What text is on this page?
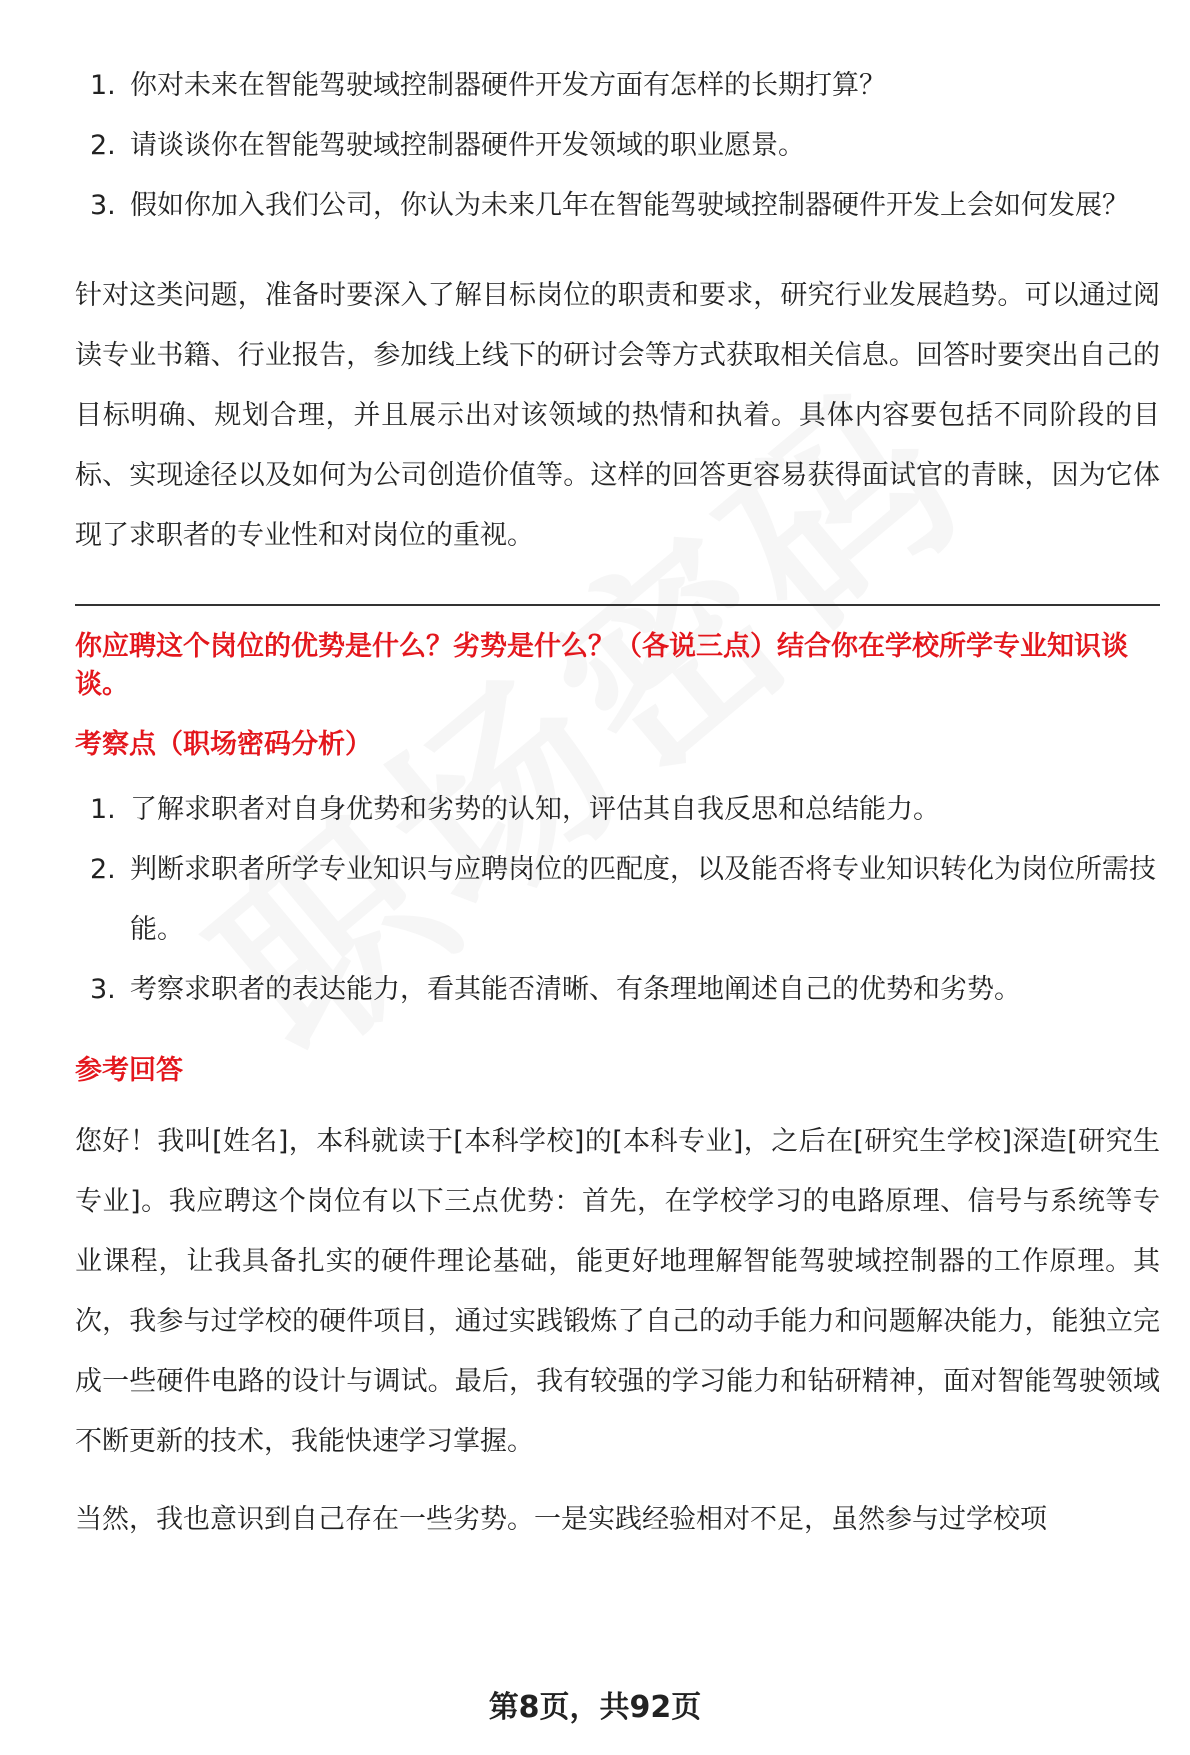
1. 你对未来在智能驾驶域控制器硬件开发方面有怎样的长期打算？
2. 请谈谈你在智能驾驶域控制器硬件开发领域的职业愿景。
3. 假如你加入我们公司，你认为未来几年在智能驾驶域控制器硬件开发上会如何发展？

针对这类问题，准备时要深入了解目标岗位的职责和要求，研究行业发展趋势。可以通过阅读专业书籍、行业报告，参加线上线下的研讨会等方式获取相关信息。回答时要突出自己的目标明确、规划合理，并且展示出对该领域的热情和执着。具体内容要包括不同阶段的目标、实现途径以及如何为公司创造价值等。这样的回答更容易获得面试官的青睐，因为它体现了求职者的专业性和对岗位的重视。

你应聘这个岗位的优势是什么？劣势是什么？（各说三点）结合你在学校所学专业知识谈谈。

考察点（职场密码分析）

1. 了解求职者对自身优势和劣势的认知，评估其自我反思和总结能力。
2. 判断求职者所学专业知识与应聘岗位的匹配度，以及能否将专业知识转化为岗位所需技能。
3. 考察求职者的表达能力，看其能否清晰、有条理地阐述自己的优势和劣势。

参考回答

您好！我叫[姓名]，本科就读于[本科学校]的[本科专业]，之后在[研究生学校]深造[研究生专业]。我应聘这个岗位有以下三点优势：首先，在学校学习的电路原理、信号与系统等专业课程，让我具备扎实的硬件理论基础，能更好地理解智能驾驶域控制器的工作原理。其次，我参与过学校的硬件项目，通过实践锻炼了自己的动手能力和问题解决能力，能独立完成一些硬件电路的设计与调试。最后，我有较强的学习能力和钻研精神，面对智能驾驶领域不断更新的技术，我能快速学习掌握。

当然，我也意识到自己存在一些劣势。一是实践经验相对不足，虽然参与过学校项

第8页，共92页
